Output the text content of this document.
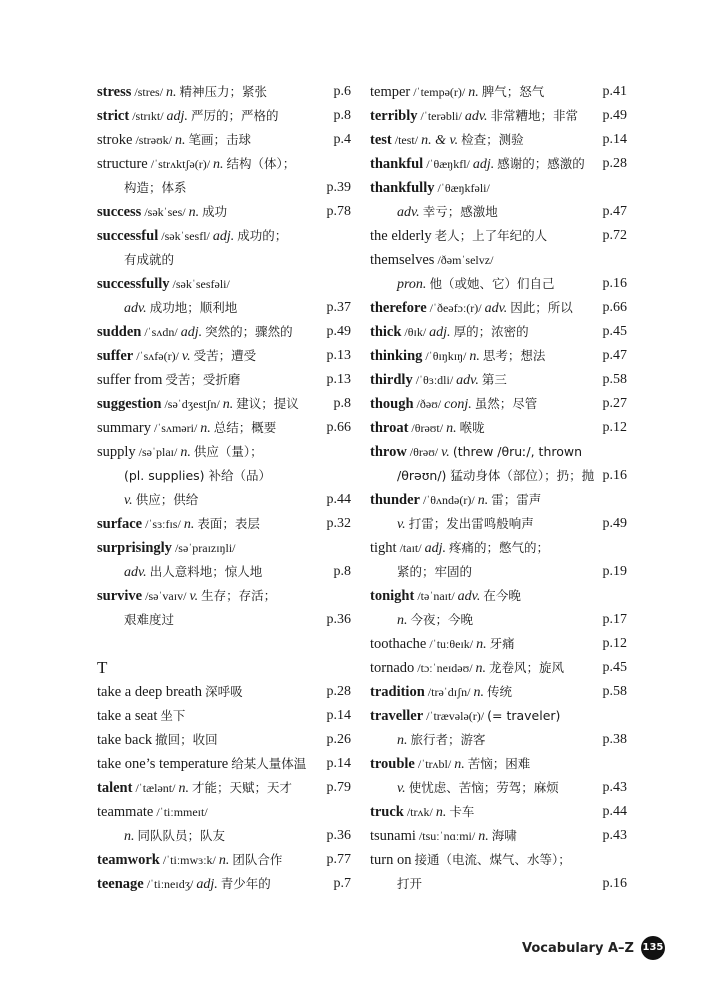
stress /stres/ n. 精神压力；紧张	p.6
strict /strɪkt/ adj. 严厉的；严格的	p.8
stroke /strəʊk/ n. 笔画；击球	p.4
structure /ˈstrʌktʃə(r)/ n. 结构（体）；
构造；体系	p.39
success /səkˈses/ n. 成功	p.78
successful /səkˈsesfl/ adj. 成功的；
有成就的
successfully /səkˈsesfəli/
adv. 成功地；顺利地	p.37
sudden /ˈsʌdn/ adj. 突然的；骤然的 p.49
suffer /ˈsʌfə(r)/ v. 受苦；遭受	p.13
suffer from 受苦；受折磨	p.13
suggestion /səˈdʒestʃn/ n. 建议；提议 p.8
summary /ˈsʌməri/ n. 总结；概要	p.66
supply /səˈplaɪ/ n. 供应（量）；
(pl. supplies) 补给（品）
v. 供应；供给	p.44
surface /ˈsɜːfɪs/ n. 表面；表层	p.32
surprisingly /səˈpraɪzɪŋli/
adv. 出人意料地；惊人地	p.8
survive /səˈvaɪv/ v. 生存；存活；
艰难度过	p.36
T
take a deep breath 深呼吸	p.28
take a seat 坐下	p.14
take back 撤回；收回	p.26
take one’s temperature 给某人量体温 p.14
talent /ˈtælənt/ n. 才能；天赋；天才 p.79
teammate /ˈtiːmmeɪt/
n. 同队队员；队友	p.36
teamwork /ˈtiːmwɜːk/ n. 团队合作	p.77
teenage /ˈtiːneɪdʒ/ adj. 青少年的	p.7
temper /ˈtempə(r)/ n. 脾气；怒气	p.41
terribly /ˈterəbli/ adv. 非常糟地；非常 p.49
test /test/ n. & v. 检查；测验	p.14
thankful /ˈθæŋkfl/ adj. 感谢的；感激的 p.28
thankfully /ˈθæŋkfəli/
adv. 幸亏；感激地	p.47
the elderly 老人；上了年纪的人	p.72
themselves /ðəmˈselvz/
pron. 他（或她、它）们自己	p.16
therefore /ˈðeəfɔː(r)/ adv. 因此；所以 p.66
thick /θɪk/ adj. 厚的；浓密的	p.45
thinking /ˈθɪŋkɪŋ/ n. 思考；想法	p.47
thirdly /ˈθɜːdli/ adv. 第三	p.58
though /ðəʊ/ conj. 虽然；尽管	p.27
throat /θrəʊt/ n. 喉咙	p.12
throw /θrəʊ/ v. (threw /θruː/, thrown
/θrəʊn/) 猛动身体（部位）；扔；抛 p.16
thunder /ˈθʌndə(r)/ n. 雷；雷声
v. 打雷；发出雷鸣般响声	p.49
tight /taɪt/ adj. 疼痛的；憋气的；
紧的；牢固的	p.19
tonight /təˈnaɪt/ adv. 在今晚
n. 今夜；今晚	p.17
toothache /ˈtuːθeɪk/ n. 牙痛	p.12
tornado /tɔːˈneɪdəʊ/ n. 龙卷风；旋风	p.45
tradition /trəˈdɪʃn/ n. 传统	p.58
traveller /ˈtrævələ(r)/ (= traveler)
n. 旅行者；游客	p.38
trouble /ˈtrʌbl/ n. 苦恼；困难
v. 使忧虑、苦恼；劳驾；麻烦	p.43
truck /trʌk/ n. 卡车	p.44
tsunami /tsuːˈnɑːmi/ n. 海啸	p.43
turn on 接通（电流、煤气、水等）；
打开	p.16
Vocabulary A–Z 135
